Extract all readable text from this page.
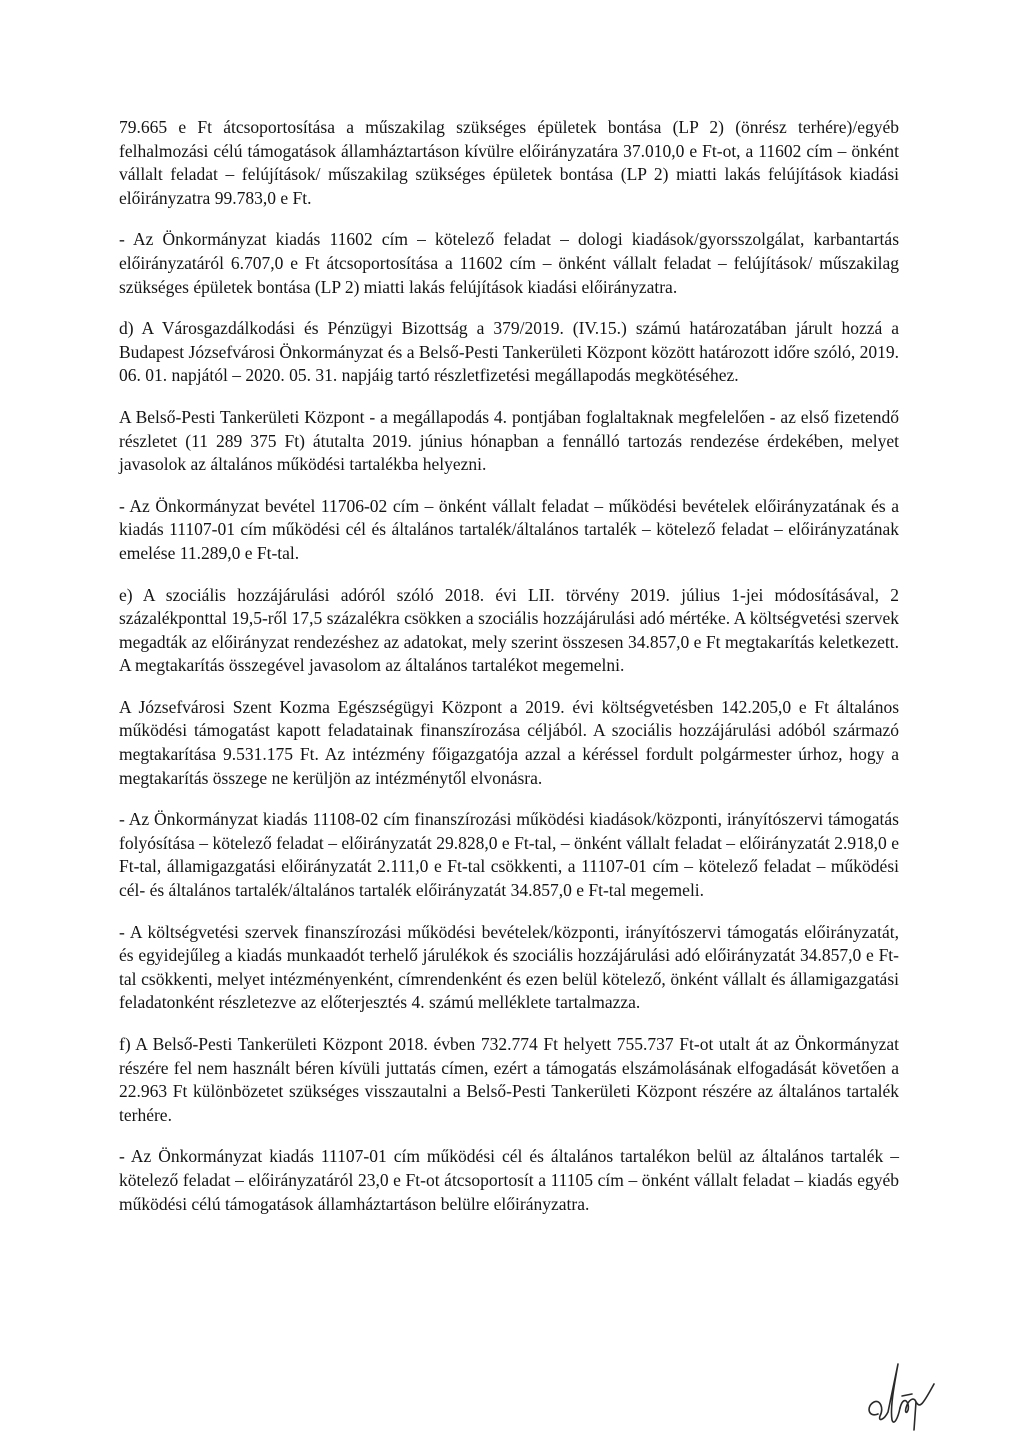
79.665 e Ft átcsoportosítása a műszakilag szükséges épületek bontása (LP 2) (önrész terhére)/egyéb felhalmozási célú támogatások államháztartáson kívülre előirányzatára 37.010,0 e Ft-ot, a 11602 cím – önként vállalt feladat – felújítások/ műszakilag szükséges épületek bontása (LP 2) miatti lakás felújítások kiadási előirányzatra 99.783,0 e Ft.

- Az Önkormányzat kiadás 11602 cím – kötelező feladat – dologi kiadások/gyorsszolgálat, karbantartás előirányzatáról 6.707,0 e Ft átcsoportosítása a 11602 cím – önként vállalt feladat – felújítások/ műszakilag szükséges épületek bontása (LP 2) miatti lakás felújítások kiadási előirányzatra.

d) A Városgazdálkodási és Pénzügyi Bizottság a 379/2019. (IV.15.) számú határozatában járult hozzá a Budapest Józsefvárosi Önkormányzat és a Belső-Pesti Tankerületi Központ között határozott időre szóló, 2019. 06. 01. napjától – 2020. 05. 31. napjáig tartó részletfizetési megállapodás megkötéséhez.

A Belső-Pesti Tankerületi Központ - a megállapodás 4. pontjában foglaltaknak megfelelően - az első fizetendő részletet (11 289 375 Ft) átutalta 2019. június hónapban a fennálló tartozás rendezése érdekében, melyet javasolok az általános működési tartalékba helyezni.

- Az Önkormányzat bevétel 11706-02 cím – önként vállalt feladat – működési bevételek előirányzatának és a kiadás 11107-01 cím működési cél és általános tartalék/általános tartalék – kötelező feladat – előirányzatának emelése 11.289,0 e Ft-tal.

e) A szociális hozzájárulási adóról szóló 2018. évi LII. törvény 2019. július 1-jei módosításával, 2 százalékponttal 19,5-ről 17,5 százalékra csökken a szociális hozzájárulási adó mértéke. A költségvetési szervek megadták az előirányzat rendezéshez az adatokat, mely szerint összesen 34.857,0 e Ft megtakarítás keletkezett. A megtakarítás összegével javasolom az általános tartalékot megemelni.

A Józsefvárosi Szent Kozma Egészségügyi Központ a 2019. évi költségvetésben 142.205,0 e Ft általános működési támogatást kapott feladatainak finanszírozása céljából. A szociális hozzájárulási adóból származó megtakarítása 9.531.175 Ft. Az intézmény főigazgatója azzal a kéréssel fordult polgármester úrhoz, hogy a megtakarítás összege ne kerüljön az intézménytől elvonásra.

- Az Önkormányzat kiadás 11108-02 cím finanszírozási működési kiadások/központi, irányítószervi támogatás folyósítása – kötelező feladat – előirányzatát 29.828,0 e Ft-tal, – önként vállalt feladat – előirányzatát 2.918,0 e Ft-tal, államigazgatási előirányzatát 2.111,0 e Ft-tal csökkenti, a 11107-01 cím – kötelező feladat – működési cél- és általános tartalék/általános tartalék előirányzatát 34.857,0 e Ft-tal megemeli.

- A költségvetési szervek finanszírozási működési bevételek/központi, irányítószervi támogatás előirányzatát, és egyidejűleg a kiadás munkaadót terhelő járulékok és szociális hozzájárulási adó előirányzatát 34.857,0 e Ft-tal csökkenti, melyet intézményenként, címrendenként és ezen belül kötelező, önként vállalt és államigazgatási feladatonként részletezve az előterjesztés 4. számú melléklete tartalmazza.

f) A Belső-Pesti Tankerületi Központ 2018. évben 732.774 Ft helyett 755.737 Ft-ot utalt át az Önkormányzat részére fel nem használt béren kívüli juttatás címen, ezért a támogatás elszámolásának elfogadását követően a 22.963 Ft különbözetet szükséges visszautalni a Belső-Pesti Tankerületi Központ részére az általános tartalék terhére.

- Az Önkormányzat kiadás 11107-01 cím működési cél és általános tartalékon belül az általános tartalék – kötelező feladat – előirányzatáról 23,0 e Ft-ot átcsoportosít a 11105 cím – önként vállalt feladat – kiadás egyéb működési célú támogatások államháztartáson belülre előirányzatra.
